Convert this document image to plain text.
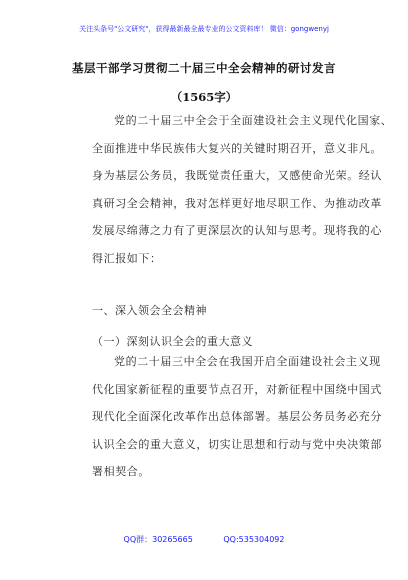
关注头条号"公文研究"，获得最新最全最专业的公文资料库！ 微信：gongwenyj
基层干部学习贯彻二十届三中全会精神的研讨发言
（1565字）
党的二十届三中全会于全面建设社会主义现代化国家、
全面推进中华民族伟大复兴的关键时期召开，意义非凡。
身为基层公务员，我既觉责任重大，又感使命光荣。经认
真研习全会精神，我对怎样更好地尽职工作、为推动改革
发展尽绵薄之力有了更深层次的认知与思考。现将我的心
得汇报如下：
一、深入领会全会精神
（一）深刻认识全会的重大意义
党的二十届三中全会在我国开启全面建设社会主义现
代化国家新征程的重要节点召开，对新征程中国绕中国式
现代化全面深化改革作出总体部署。基层公务员务必充分
认识全会的重大意义，切实让思想和行动与党中央决策部
署相契合。
QQ群：30265665	QQ:535304092
